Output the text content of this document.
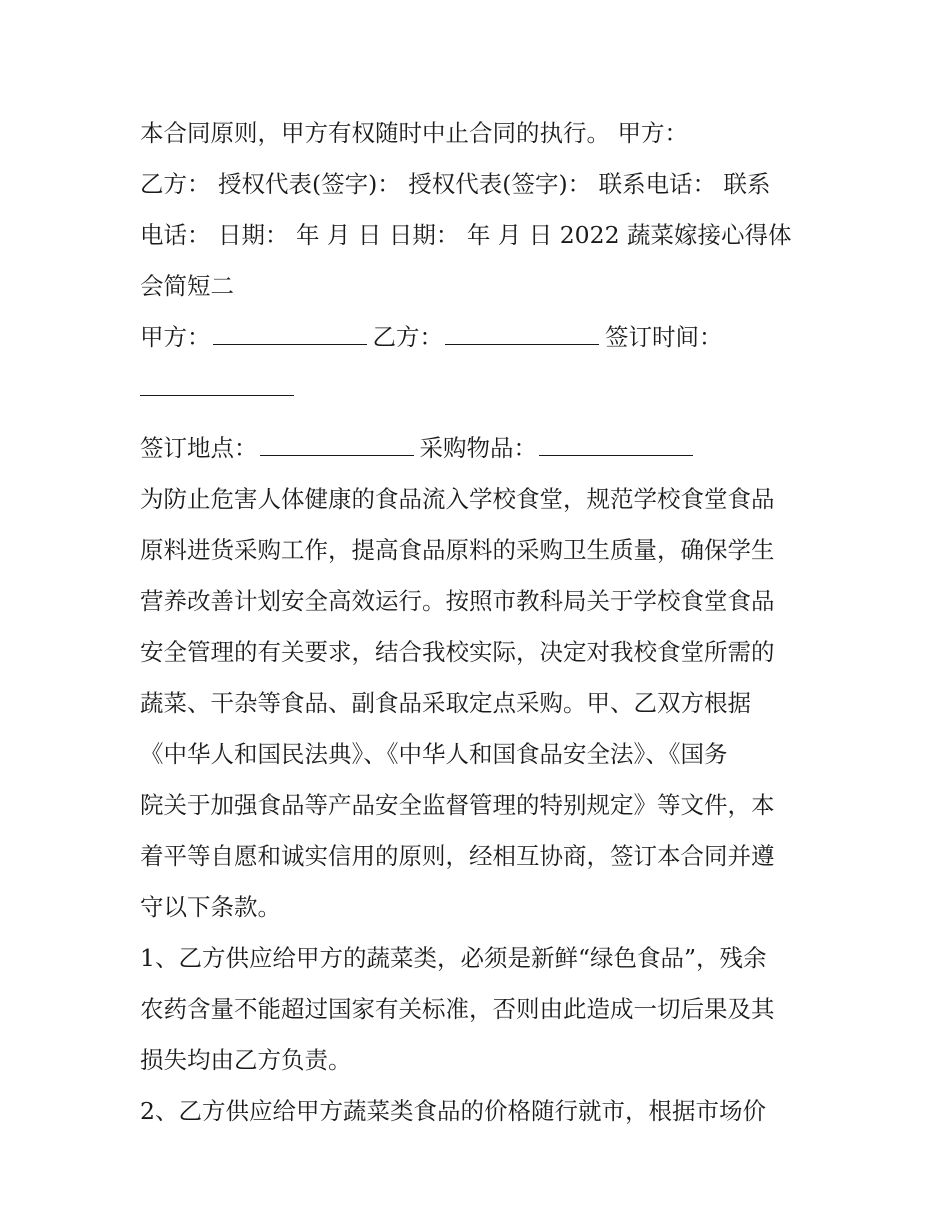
本合同原则，甲方有权随时中止合同的执行。 甲方：
乙方： 授权代表(签字)： 授权代表(签字)： 联系电话： 联系
电话： 日期： 年 月 日 日期： 年 月 日 2022 蔬菜嫁接心得体
会简短二
甲方：	乙方：	签订时间：
签订地点：	采购物品：
为防止危害人体健康的食品流入学校食堂，规范学校食堂食品
原料进货采购工作，提高食品原料的采购卫生质量，确保学生
营养改善计划安全高效运行。按照市教科局关于学校食堂食品
安全管理的有关要求，结合我校实际，决定对我校食堂所需的
蔬菜、干杂等食品、副食品采取定点采购。甲、乙双方根据
《中华人和国民法典》、《中华人和国食品安全法》、《国务
院关于加强食品等产品安全监督管理的特别规定》等文件，本
着平等自愿和诚实信用的原则，经相互协商，签订本合同并遵
守以下条款。
1、乙方供应给甲方的蔬菜类，必须是新鲜“绿色食品”，残余
农药含量不能超过国家有关标准，否则由此造成一切后果及其
损失均由乙方负责。
2、乙方供应给甲方蔬菜类食品的价格随行就市，根据市场价
